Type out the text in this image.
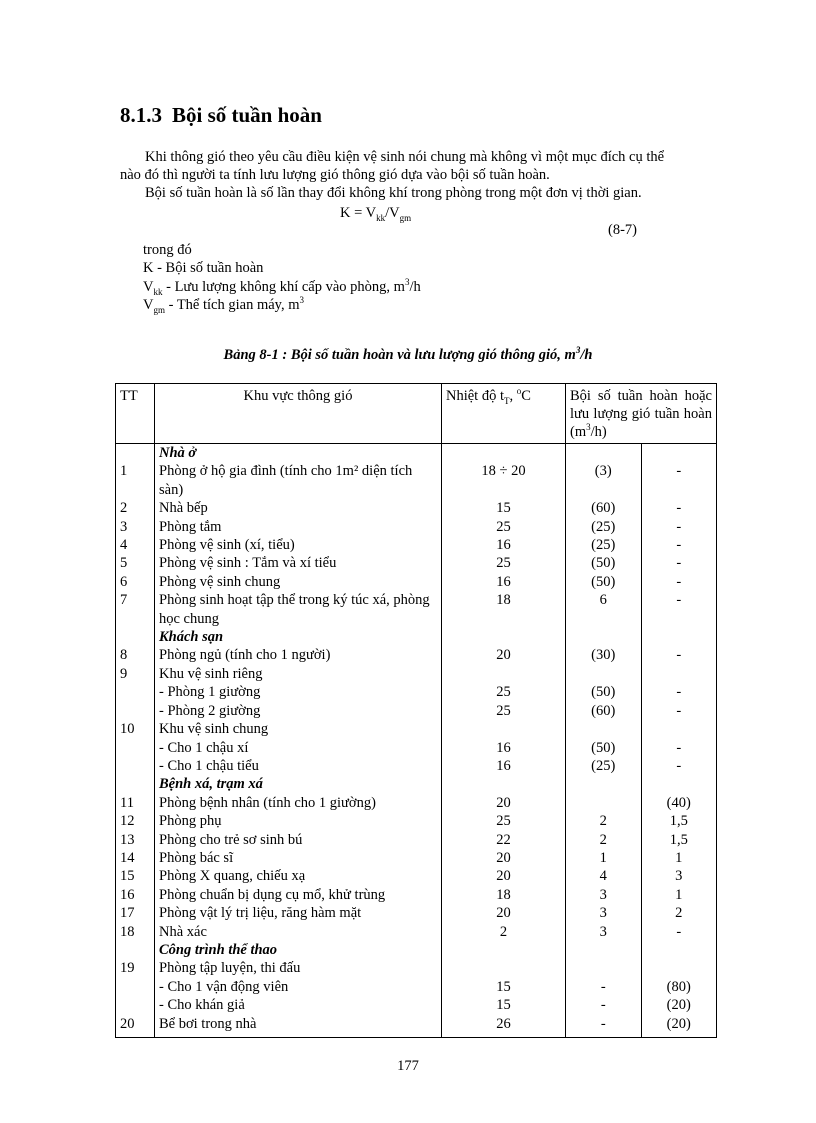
8.1.3 Bội số tuần hoàn
Khi thông gió theo yêu cầu điều kiện vệ sinh nói chung mà không vì một mục đích cụ thể
nào đó thì người ta tính lưu lượng gió thông gió dựa vào bội số tuần hoàn.
Bội số tuần hoàn là số lần thay đổi không khí trong phòng trong một đơn vị thời gian.
$K = V_{kk}/V_{gm}$
(8-7)
trong đó
K - Bội số tuần hoàn
$V_{kk}$ - Lưu lượng không khí cấp vào phòng, $m^3/h$
$V_{gm}$ - Thể tích gian máy, $m^3$
Bảng 8-1 : Bội số tuần hoàn và lưu lượng gió thông gió, $m^3/h$
TT	Khu vực thông gió	Nhiệt độ $t_T$, $^o$C	Bội số tuần hoàn hoặc lưu lượng gió tuần hoàn $(m^3/h)$	
	Nhà ở			
1	Phòng ở hộ gia đình (tính cho 1m² diện tích sàn)	18 ÷ 20	(3)	-
2	Nhà bếp	15	(60)	-
3	Phòng tắm	25	(25)	-
4	Phòng vệ sinh (xí, tiểu)	16	(25)	-
5	Phòng vệ sinh : Tắm và xí tiểu	25	(50)	-
6	Phòng vệ sinh chung	16	(50)	-
7	Phòng sinh hoạt tập thể trong ký túc xá, phòng học chung	18	6	-
	Khách sạn			
8	Phòng ngủ (tính cho 1 người)	20	(30)	-
9	Khu vệ sinh riêng			
	- Phòng 1 giường	25	(50)	-
	- Phòng 2 giường	25	(60)	-
10	Khu vệ sinh chung			
	- Cho 1 chậu xí	16	(50)	-
	- Cho 1 chậu tiểu	16	(25)	-
	Bệnh xá, trạm xá			
11	Phòng bệnh nhân (tính cho 1 giường)	20		(40)
12	Phòng phụ	25	2	1,5
13	Phòng cho trẻ sơ sinh bú	22	2	1,5
14	Phòng bác sĩ	20	1	1
15	Phòng X quang, chiếu xạ	20	4	3
16	Phòng chuẩn bị dụng cụ mổ, khử trùng	18	3	1
17	Phòng vật lý trị liệu, răng hàm mặt	20	3	2
18	Nhà xác	2	3	-
	Công trình thể thao			
19	Phòng tập luyện, thi đấu			
	- Cho 1 vận động viên	15	-	(80)
	- Cho khán giả	15	-	(20)
20	Bể bơi trong nhà	26	-	(20)
177
